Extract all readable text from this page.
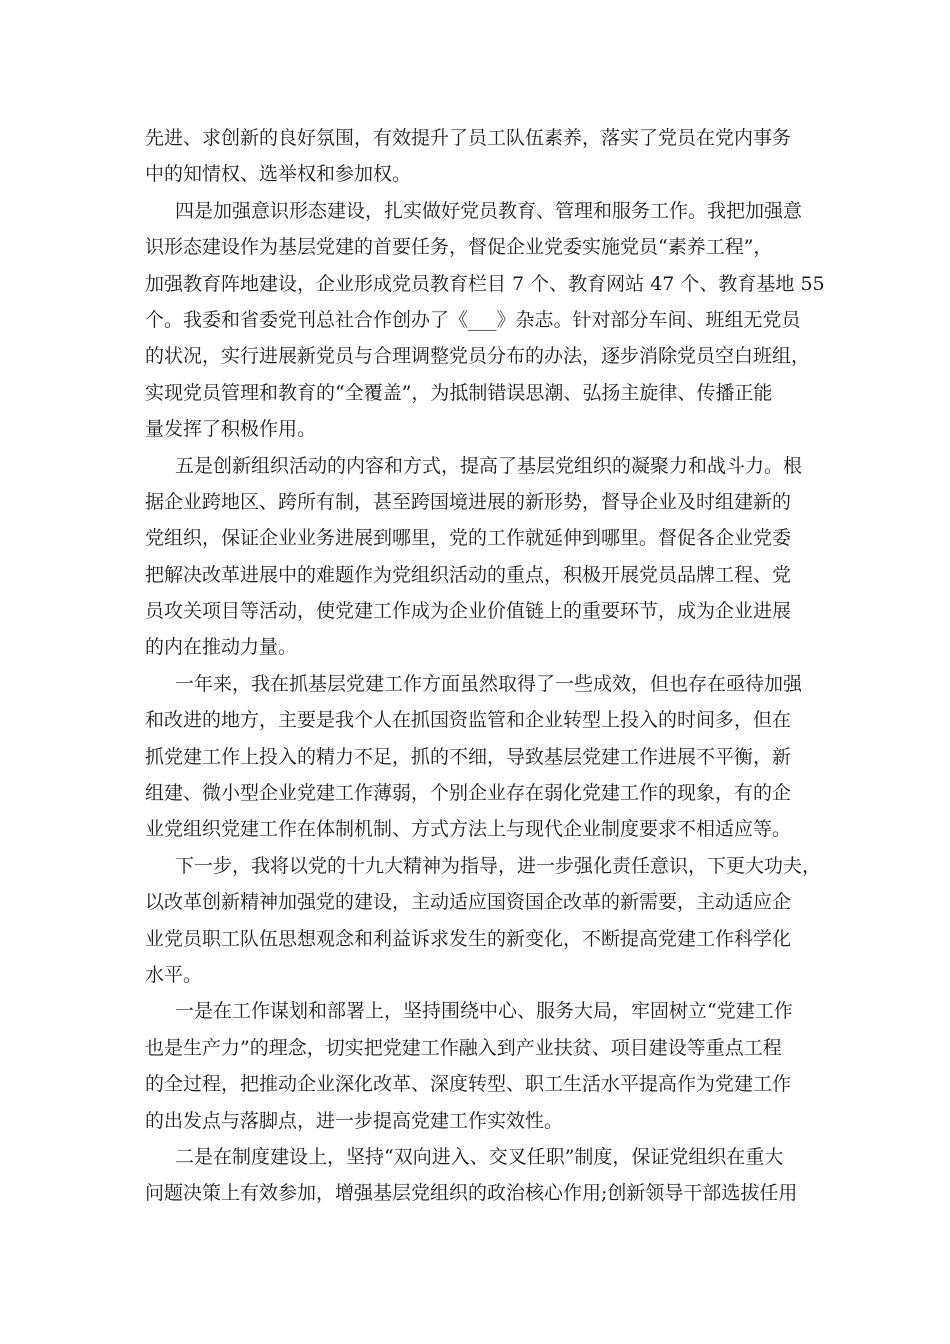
先进、求创新的良好氛围，有效提升了员工队伍素养，落实了党员在党内事务
中的知情权、选举权和参加权。
四是加强意识形态建设，扎实做好党员教育、管理和服务工作。我把加强意
识形态建设作为基层党建的首要任务，督促企业党委实施党员“素养工程”，
加强教育阵地建设，企业形成党员教育栏目 7 个、教育网站 47 个、教育基地 55
个。我委和省委党刊总社合作创办了《___》杂志。针对部分车间、班组无党员
的状况，实行进展新党员与合理调整党员分布的办法，逐步消除党员空白班组，
实现党员管理和教育的“全覆盖”，为抵制错误思潮、弘扬主旋律、传播正能
量发挥了积极作用。
五是创新组织活动的内容和方式，提高了基层党组织的凝聚力和战斗力。根
据企业跨地区、跨所有制，甚至跨国境进展的新形势，督导企业及时组建新的
党组织，保证企业业务进展到哪里，党的工作就延伸到哪里。督促各企业党委
把解决改革进展中的难题作为党组织活动的重点，积极开展党员品牌工程、党
员攻关项目等活动，使党建工作成为企业价值链上的重要环节，成为企业进展
的内在推动力量。
一年来，我在抓基层党建工作方面虽然取得了一些成效，但也存在亟待加强
和改进的地方，主要是我个人在抓国资监管和企业转型上投入的时间多，但在
抓党建工作上投入的精力不足，抓的不细，导致基层党建工作进展不平衡，新
组建、微小型企业党建工作薄弱，个别企业存在弱化党建工作的现象，有的企
业党组织党建工作在体制机制、方式方法上与现代企业制度要求不相适应等。
下一步，我将以党的十九大精神为指导，进一步强化责任意识，下更大功夫，
以改革创新精神加强党的建设，主动适应国资国企改革的新需要，主动适应企
业党员职工队伍思想观念和利益诉求发生的新变化，不断提高党建工作科学化
水平。
一是在工作谋划和部署上，坚持围绕中心、服务大局，牢固树立“党建工作
也是生产力”的理念，切实把党建工作融入到产业扶贫、项目建设等重点工程
的全过程，把推动企业深化改革、深度转型、职工生活水平提高作为党建工作
的出发点与落脚点，进一步提高党建工作实效性。
二是在制度建设上，坚持“双向进入、交叉任职”制度，保证党组织在重大
问题决策上有效参加，增强基层党组织的政治核心作用;创新领导干部选拔任用
